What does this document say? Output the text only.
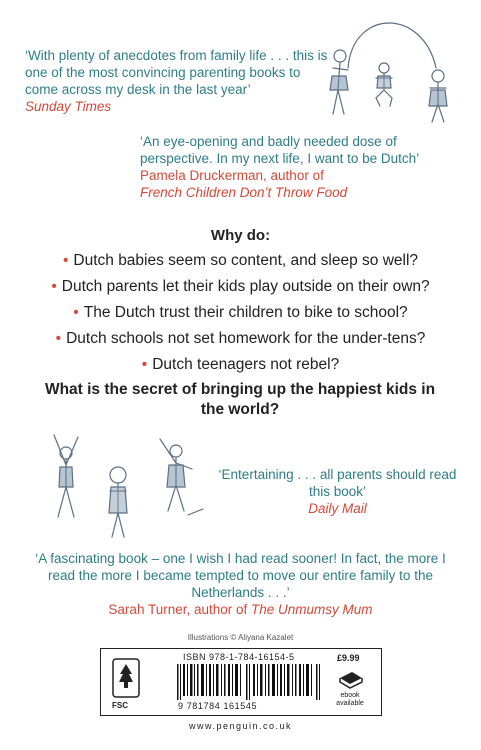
‘With plenty of anecdotes from family life . . . this is one of the most convincing parenting books to come across my desk in the last year’
Sunday Times
‘An eye-opening and badly needed dose of perspective. In my next life, I want to be Dutch’
Pamela Druckerman, author of
French Children Don’t Throw Food
Why do:
• Dutch babies seem so content, and sleep so well?
• Dutch parents let their kids play outside on their own?
• The Dutch trust their children to bike to school?
• Dutch schools not set homework for the under-tens?
• Dutch teenagers not rebel?
What is the secret of bringing up the happiest kids in the world?
‘Entertaining . . . all parents should read this book’
Daily Mail
‘A fascinating book – one I wish I had read sooner! In fact, the more I read the more I became tempted to move our entire family to the Netherlands . . .’
Sarah Turner, author of The Unmumsy Mum
Illustrations © Aliyana Kazalet
FSC
ISBN 978-1-784-16154-5
9 781784 161545
£9.99
ebook available
www.penguin.co.uk
